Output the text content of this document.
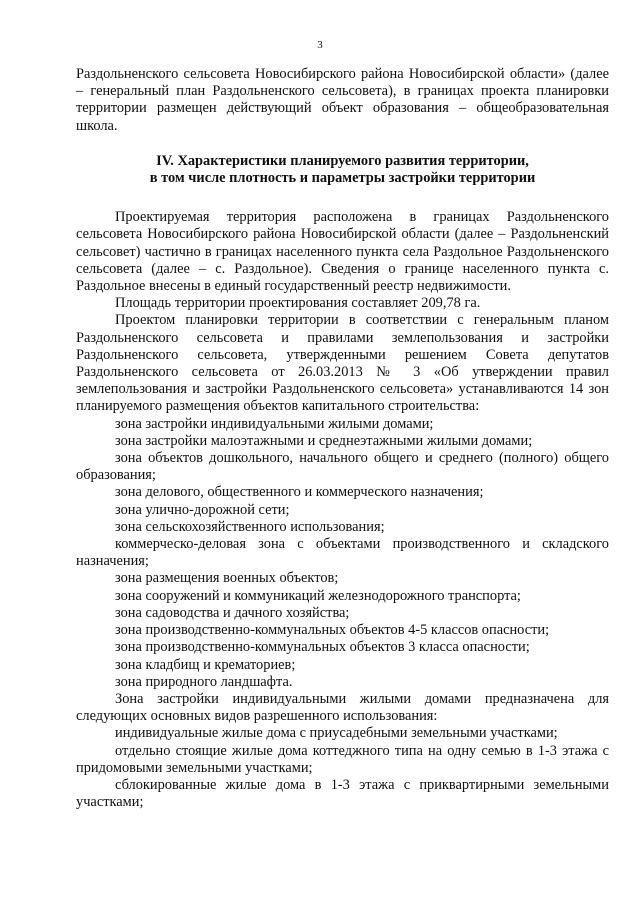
3

Раздольненского сельсовета Новосибирского района Новосибирской области» (далее – генеральный план Раздольненского сельсовета), в границах проекта планировки территории размещен действующий объект образования – общеобразовательная школа.

IV. Характеристики планируемого развития территории,
в том числе плотность и параметры застройки территории

Проектируемая территория расположена в границах Раздольненского сельсовета Новосибирского района Новосибирской области (далее – Раздольненский сельсовет) частично в границах населенного пункта села Раздольное Раздольненского сельсовета (далее – с. Раздольное). Сведения о границе населенного пункта с. Раздольное внесены в единый государственный реестр недвижимости.

Площадь территории проектирования составляет 209,78 га.

Проектом планировки территории в соответствии с генеральным планом Раздольненского сельсовета и правилами землепользования и застройки Раздольненского сельсовета, утвержденными решением Совета депутатов Раздольненского сельсовета от 26.03.2013 № 3 «Об утверждении правил землепользования и застройки Раздольненского сельсовета» устанавливаются 14 зон планируемого размещения объектов капитального строительства:

зона застройки индивидуальными жилыми домами;

зона застройки малоэтажными и среднеэтажными жилыми домами;

зона объектов дошкольного, начального общего и среднего (полного) общего образования;

зона делового, общественного и коммерческого назначения;

зона улично-дорожной сети;

зона сельскохозяйственного использования;

коммерческо-деловая зона с объектами производственного и складского назначения;

зона размещения военных объектов;

зона сооружений и коммуникаций железнодорожного транспорта;

зона садоводства и дачного хозяйства;

зона производственно-коммунальных объектов 4-5 классов опасности;

зона производственно-коммунальных объектов 3 класса опасности;

зона кладбищ и крематориев;

зона природного ландшафта.

Зона застройки индивидуальными жилыми домами предназначена для следующих основных видов разрешенного использования:

индивидуальные жилые дома с приусадебными земельными участками;

отдельно стоящие жилые дома коттеджного типа на одну семью в 1-3 этажа с придомовыми земельными участками;

сблокированные жилые дома в 1-3 этажа с приквартирными земельными участками;
